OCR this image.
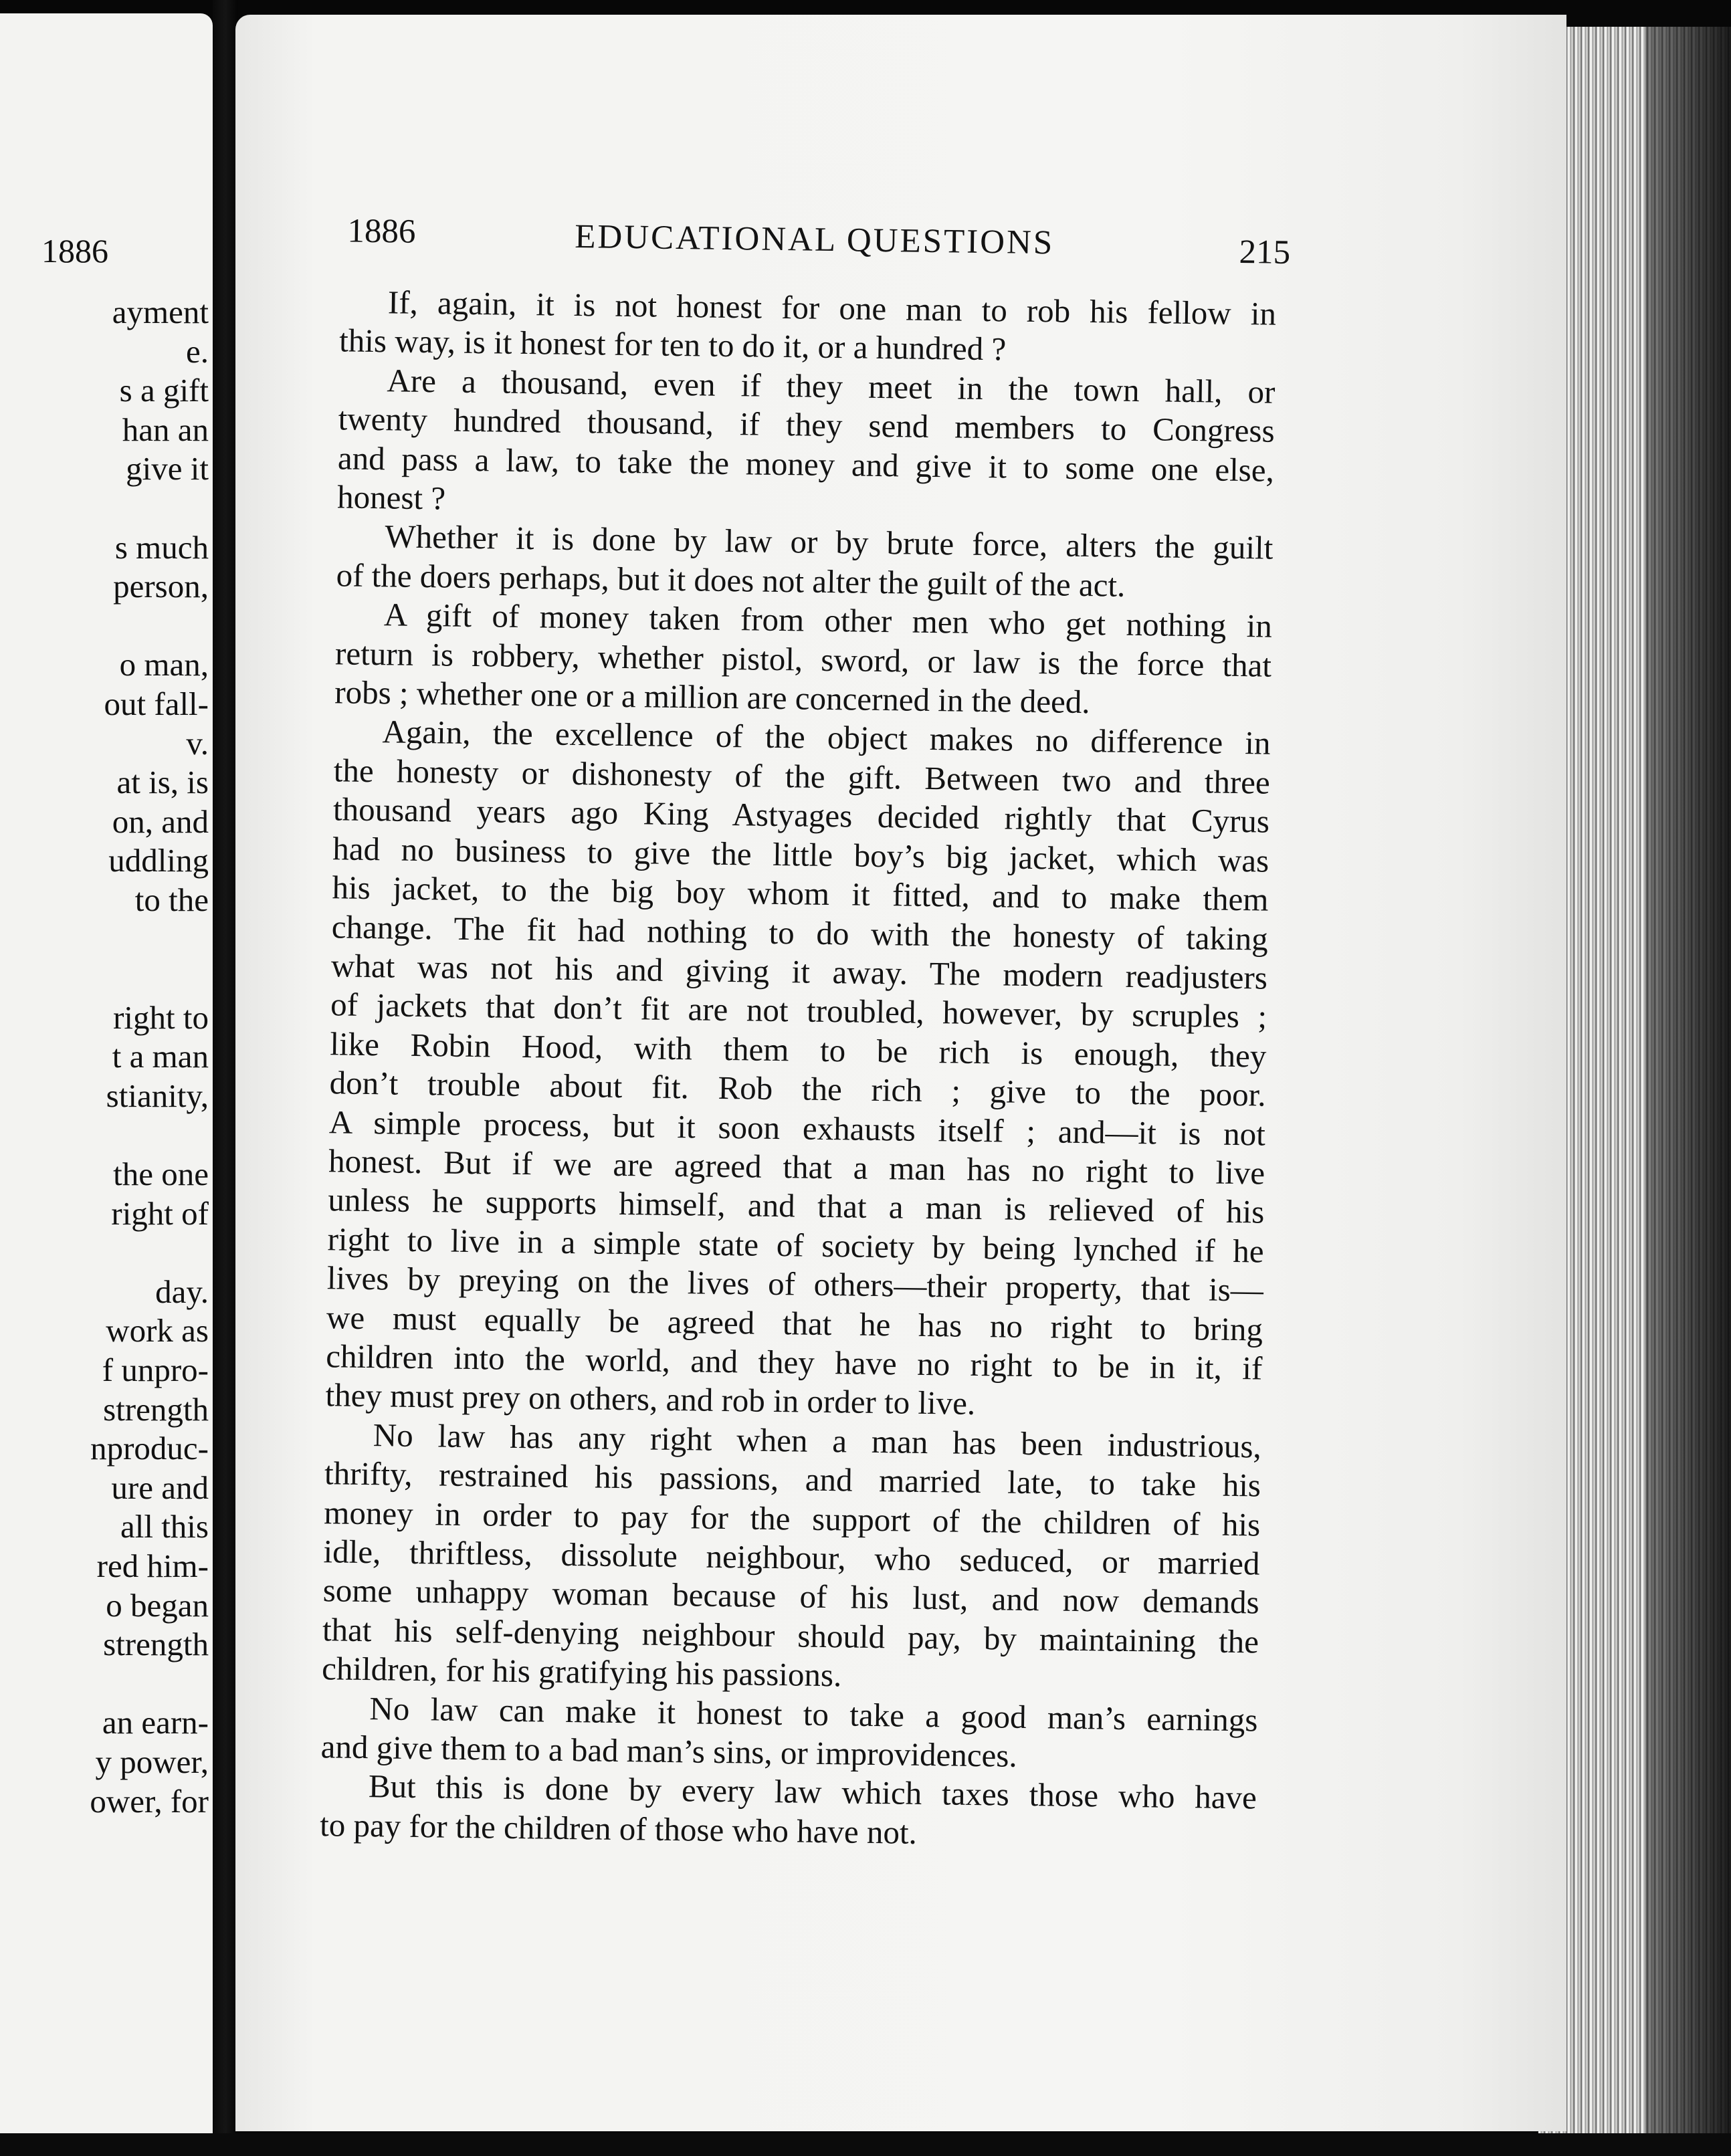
1886
ayment
e.
s a gift
han an
give it

s much
person,

o man,
out fall-
v.
at is, is
on, and
uddling
to the

right to
t a man
stianity,

the one
right of

day.
work as
f unpro-
strength
nproduc-
ure and
all this
red him-
o began
strength

an earn-
y power,
ower, for
1886	EDUCATIONAL QUESTIONS	215

If, again, it is not honest for one man to rob his fellow in
this way, is it honest for ten to do it, or a hundred ?

Are a thousand, even if they meet in the town hall, or
twenty hundred thousand, if they send members to Congress
and pass a law, to take the money and give it to some one else,
honest ?

Whether it is done by law or by brute force, alters the guilt
of the doers perhaps, but it does not alter the guilt of the act.

A gift of money taken from other men who get nothing in
return is robbery, whether pistol, sword, or law is the force that
robs ; whether one or a million are concerned in the deed.

Again, the excellence of the object makes no difference in
the honesty or dishonesty of the gift. Between two and three
thousand years ago King Astyages decided rightly that Cyrus
had no business to give the little boy’s big jacket, which was
his jacket, to the big boy whom it fitted, and to make them
change. The fit had nothing to do with the honesty of taking
what was not his and giving it away. The modern readjusters
of jackets that don’t fit are not troubled, however, by scruples ;
like Robin Hood, with them to be rich is enough, they
don’t trouble about fit. Rob the rich ; give to the poor.
A simple process, but it soon exhausts itself ; and—it is not
honest. But if we are agreed that a man has no right to live
unless he supports himself, and that a man is relieved of his
right to live in a simple state of society by being lynched if he
lives by preying on the lives of others—their property, that is—
we must equally be agreed that he has no right to bring
children into the world, and they have no right to be in it, if
they must prey on others, and rob in order to live.

No law has any right when a man has been industrious,
thrifty, restrained his passions, and married late, to take his
money in order to pay for the support of the children of his
idle, thriftless, dissolute neighbour, who seduced, or married
some unhappy woman because of his lust, and now demands
that his self-denying neighbour should pay, by maintaining the
children, for his gratifying his passions.

No law can make it honest to take a good man’s earnings
and give them to a bad man’s sins, or improvidences.

But this is done by every law which taxes those who have
to pay for the children of those who have not.
